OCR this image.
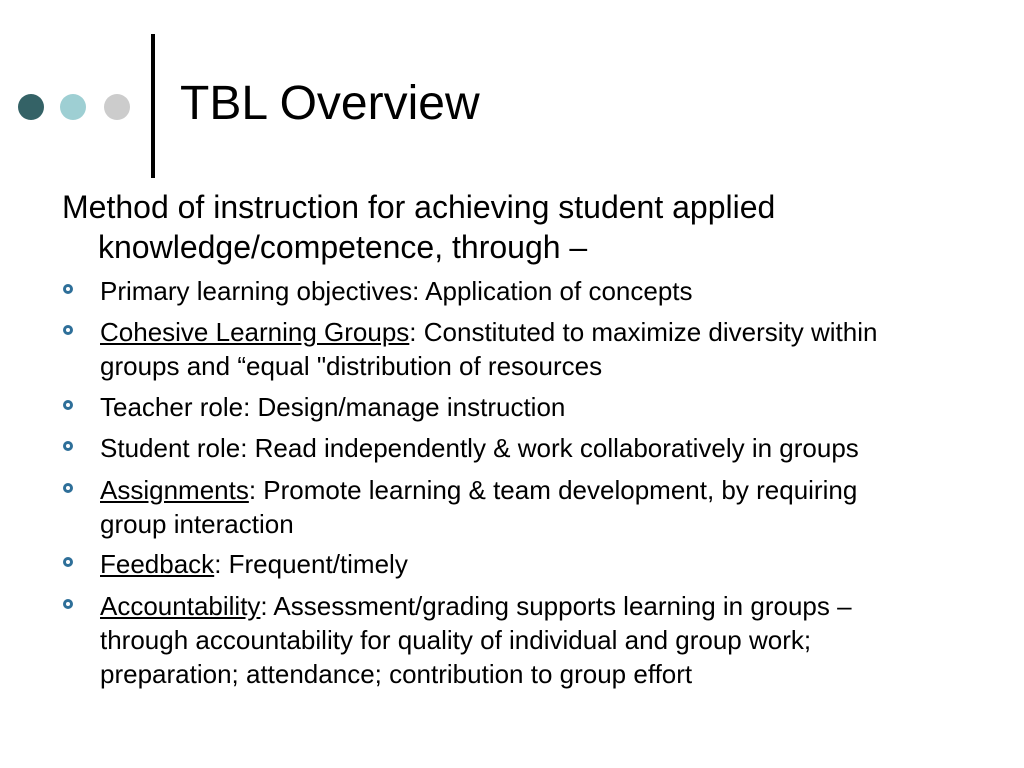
TBL Overview
Method of instruction for achieving student applied
knowledge/competence, through –
Primary learning objectives: Application of concepts
Cohesive Learning Groups: Constituted to maximize diversity within
groups and “equal "distribution of resources
Teacher role: Design/manage instruction
Student role: Read independently & work collaboratively in groups
Assignments: Promote learning & team development, by requiring
group interaction
Feedback: Frequent/timely
Accountability: Assessment/grading supports learning in groups –
through accountability for quality of individual and group work;
preparation; attendance; contribution to group effort
